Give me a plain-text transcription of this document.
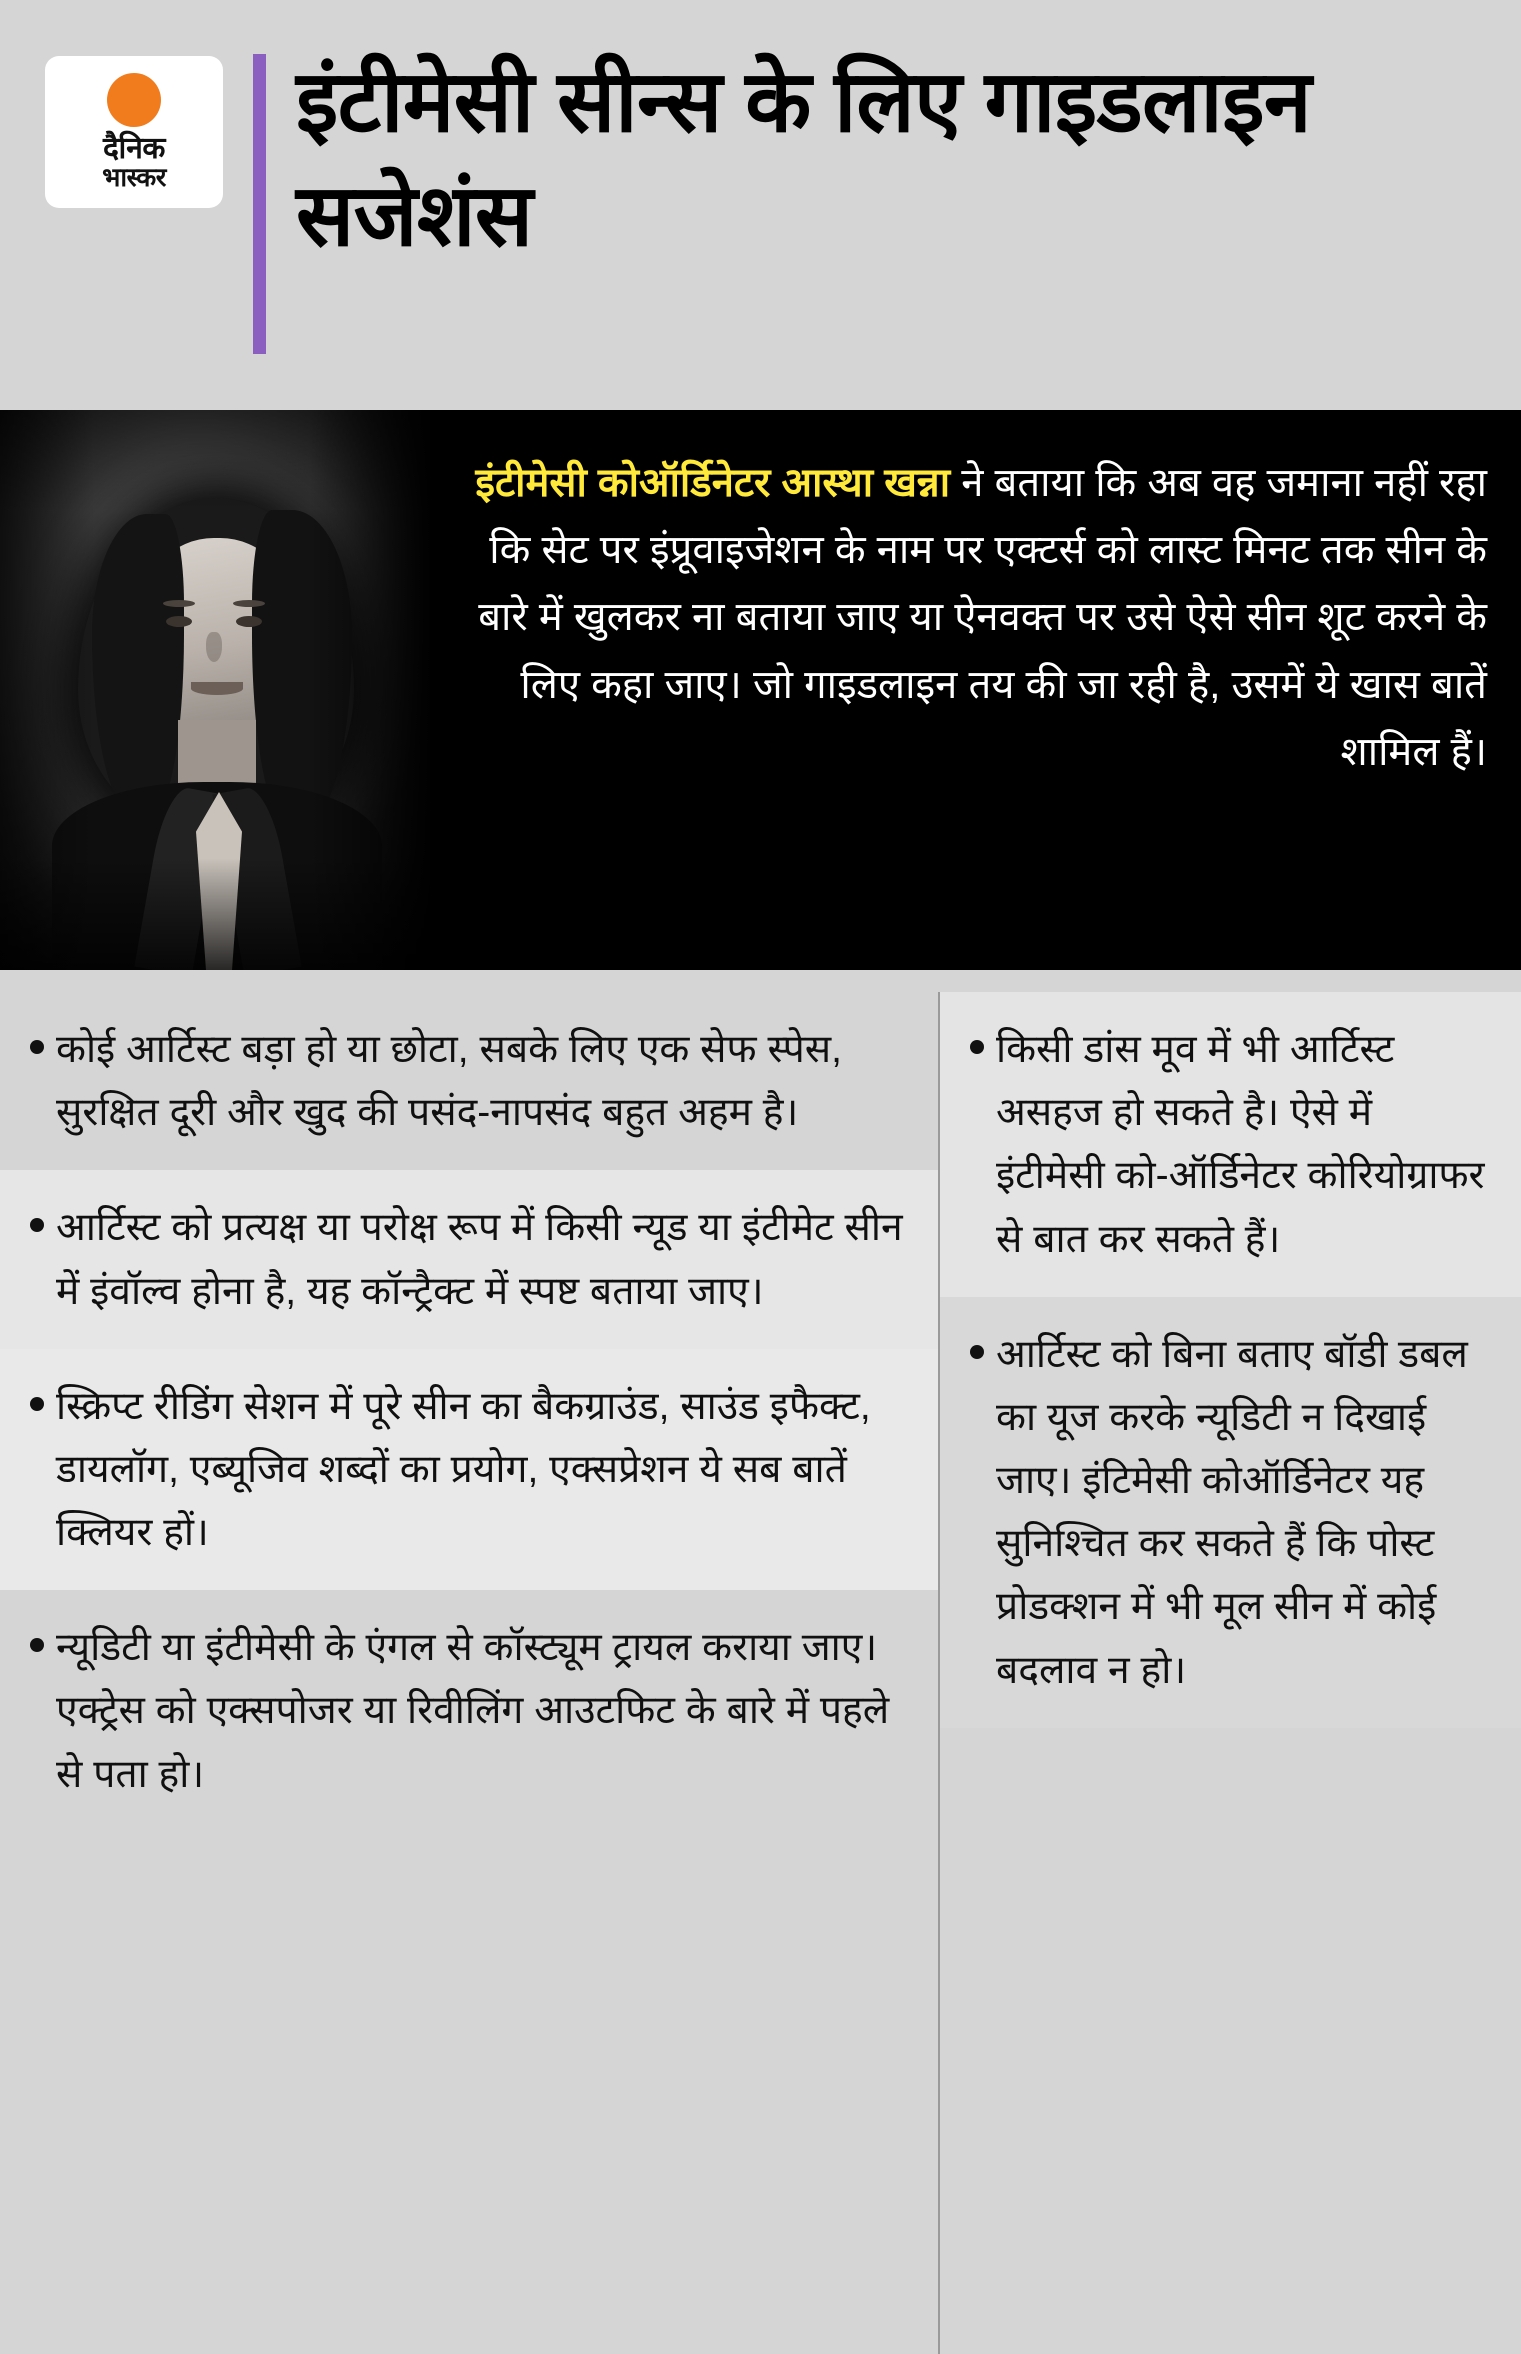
दैनिक
भास्कर
इंटीमेसी सीन्स के लिए गाइडलाइन सजेशंस
इंटीमेसी कोऑर्डिनेटर आस्था खन्ना ने बताया कि अब वह जमाना नहीं रहा कि सेट पर इंप्रूवाइजेशन के नाम पर एक्टर्स को लास्ट मिनट तक सीन के बारे में खुलकर ना बताया जाए या ऐनवक्त पर उसे ऐसे सीन शूट करने के लिए कहा जाए। जो गाइडलाइन तय की जा रही है, उसमें ये खास बातें शामिल हैं।
कोई आर्टिस्ट बड़ा हो या छोटा, सबके लिए एक सेफ स्पेस, सुरक्षित दूरी और खुद की पसंद-नापसंद बहुत अहम है।
आर्टिस्ट को प्रत्यक्ष या परोक्ष रूप में किसी न्यूड या इंटीमेट सीन में इंवॉल्व होना है, यह कॉन्ट्रैक्ट में स्पष्ट बताया जाए।
स्क्रिप्ट रीडिंग सेशन में पूरे सीन का बैकग्राउंड, साउंड इफैक्ट, डायलॉग, एब्यूजिव शब्दों का प्रयोग, एक्सप्रेशन ये सब बातें क्लियर हों।
न्यूडिटी या इंटीमेसी के एंगल से कॉस्ट्यूम ट्रायल कराया जाए। एक्ट्रेस को एक्सपोजर या रिवीलिंग आउटफिट के बारे में पहले से पता हो।
किसी डांस मूव में भी आर्टिस्ट असहज हो सकते है। ऐसे में इंटीमेसी को-ऑर्डिनेटर कोरियोग्राफर से बात कर सकते हैं।
आर्टिस्ट को बिना बताए बॉडी डबल का यूज करके न्यूडिटी न दिखाई जाए। इंटिमेसी कोऑर्डिनेटर यह सुनिश्चित कर सकते हैं कि पोस्ट प्रोडक्शन में भी मूल सीन में कोई बदलाव न हो।
